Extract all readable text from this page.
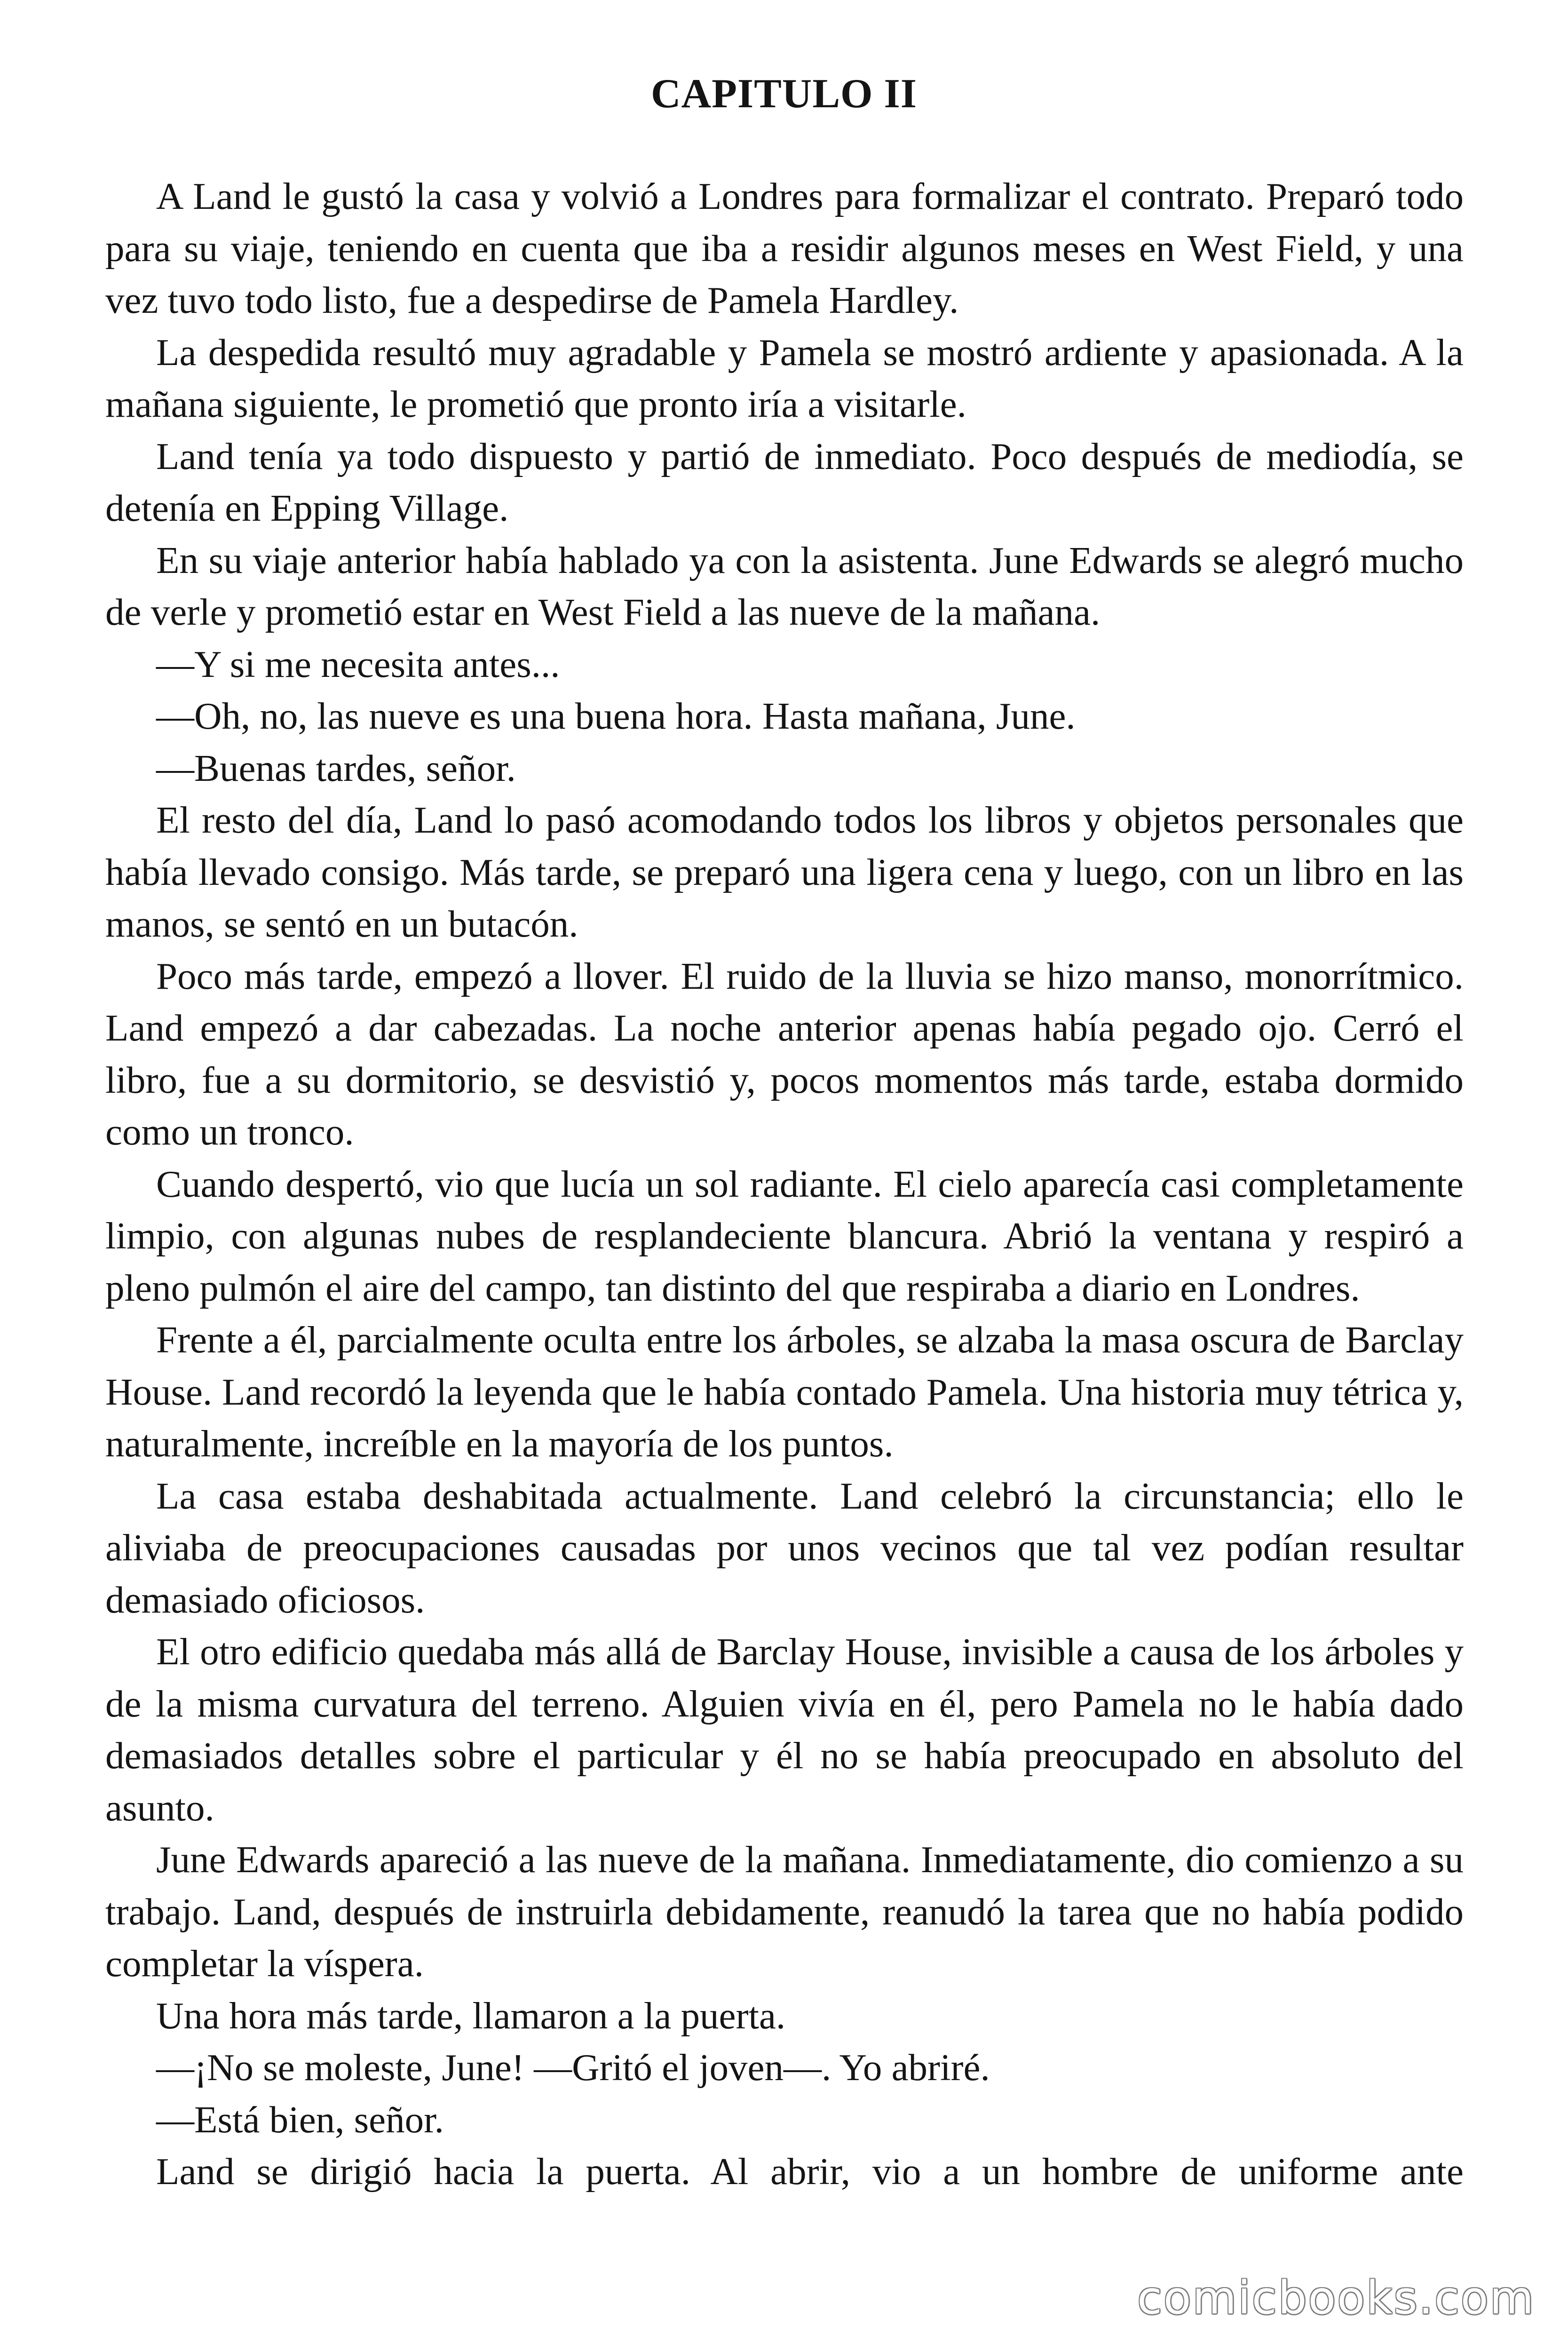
CAPITULO II

A Land le gustó la casa y volvió a Londres para formalizar el contrato. Preparó todo para su viaje, teniendo en cuenta que iba a residir algunos meses en West Field, y una vez tuvo todo listo, fue a despedirse de Pamela Hardley.

La despedida resultó muy agradable y Pamela se mostró ardiente y apasionada. A la mañana siguiente, le prometió que pronto iría a visitarle.

Land tenía ya todo dispuesto y partió de inmediato. Poco después de mediodía, se detenía en Epping Village.

En su viaje anterior había hablado ya con la asistenta. June Edwards se alegró mucho de verle y prometió estar en West Field a las nueve de la mañana.

—Y si me necesita antes...

—Oh, no, las nueve es una buena hora. Hasta mañana, June.

—Buenas tardes, señor.

El resto del día, Land lo pasó acomodando todos los libros y objetos personales que había llevado consigo. Más tarde, se preparó una ligera cena y luego, con un libro en las manos, se sentó en un butacón.

Poco más tarde, empezó a llover. El ruido de la lluvia se hizo manso, monorrítmico. Land empezó a dar cabezadas. La noche anterior apenas había pegado ojo. Cerró el libro, fue a su dormitorio, se desvistió y, pocos momentos más tarde, estaba dormido como un tronco.

Cuando despertó, vio que lucía un sol radiante. El cielo aparecía casi completamente limpio, con algunas nubes de resplandeciente blancura. Abrió la ventana y respiró a pleno pulmón el aire del campo, tan distinto del que respiraba a diario en Londres.

Frente a él, parcialmente oculta entre los árboles, se alzaba la masa oscura de Barclay House. Land recordó la leyenda que le había contado Pamela. Una historia muy tétrica y, naturalmente, increíble en la mayoría de los puntos.

La casa estaba deshabitada actualmente. Land celebró la circunstancia; ello le aliviaba de preocupaciones causadas por unos vecinos que tal vez podían resultar demasiado oficiosos.

El otro edificio quedaba más allá de Barclay House, invisible a causa de los árboles y de la misma curvatura del terreno. Alguien vivía en él, pero Pamela no le había dado demasiados detalles sobre el particular y él no se había preocupado en absoluto del asunto.

June Edwards apareció a las nueve de la mañana. Inmediatamente, dio comienzo a su trabajo. Land, después de instruirla debidamente, reanudó la tarea que no había podido completar la víspera.

Una hora más tarde, llamaron a la puerta.

—¡No se moleste, June! —Gritó el joven—. Yo abriré.

—Está bien, señor.

Land se dirigió hacia la puerta. Al abrir, vio a un hombre de uniforme ante

comicbooks.com
